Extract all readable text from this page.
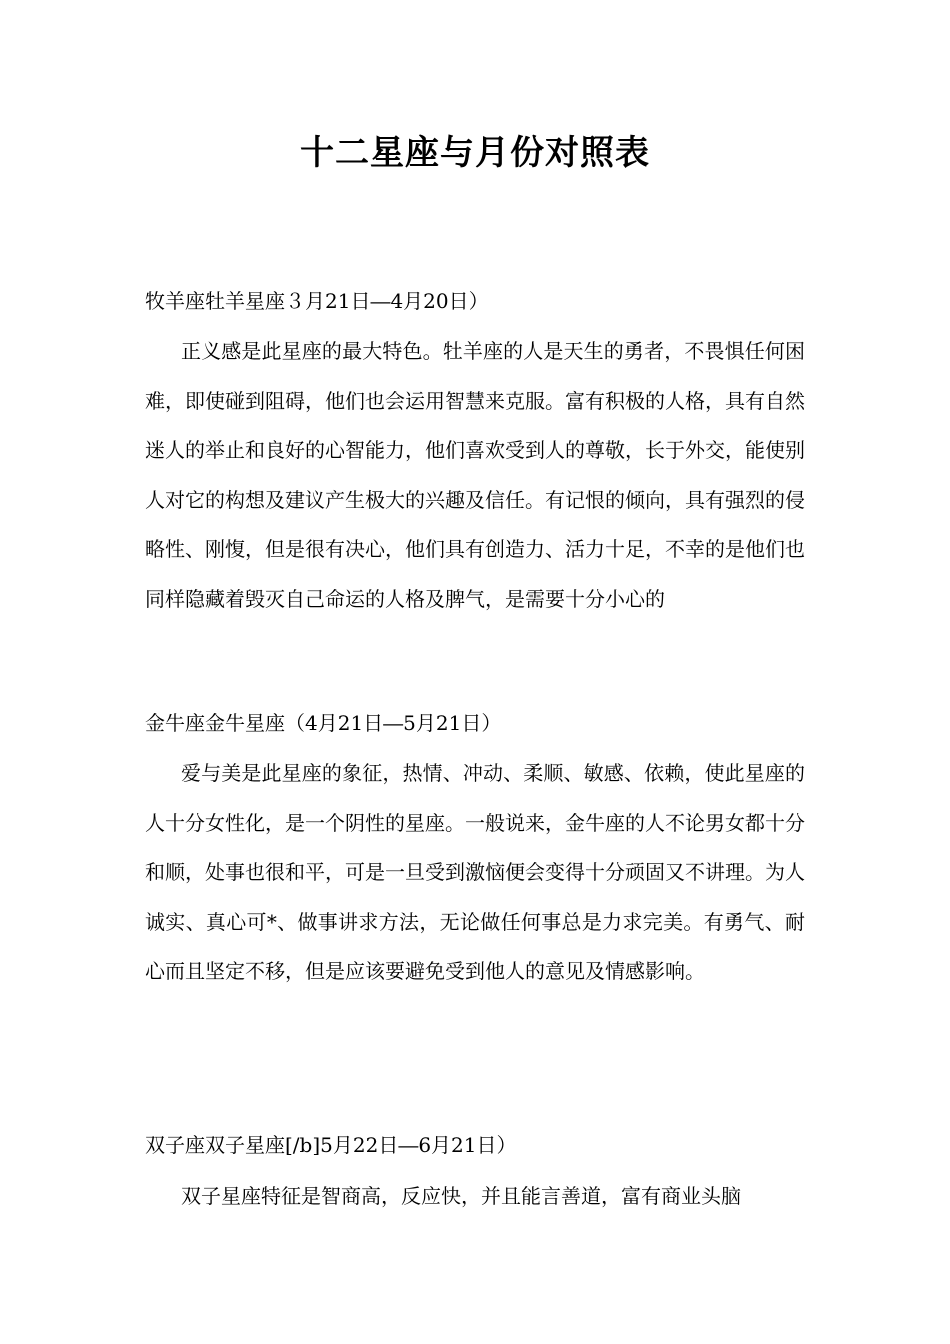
十二星座与月份对照表

牧羊座牡羊星座３月21日―4月20日）

正义感是此星座的最大特色。牡羊座的人是天生的勇者，不畏惧任何困难，即使碰到阻碍，他们也会运用智慧来克服。富有积极的人格，具有自然迷人的举止和良好的心智能力，他们喜欢受到人的尊敬，长于外交，能使别人对它的构想及建议产生极大的兴趣及信任。有记恨的倾向，具有强烈的侵略性、刚愎，但是很有决心，他们具有创造力、活力十足，不幸的是他们也同样隐藏着毁灭自己命运的人格及脾气，是需要十分小心的

金牛座金牛星座（4月21日―5月21日）

爱与美是此星座的象征，热情、冲动、柔顺、敏感、依赖，使此星座的人十分女性化，是一个阴性的星座。一般说来，金牛座的人不论男女都十分和顺，处事也很和平，可是一旦受到激恼便会变得十分顽固又不讲理。为人诚实、真心可*、做事讲求方法，无论做任何事总是力求完美。有勇气、耐心而且坚定不移，但是应该要避免受到他人的意见及情感影响。

双子座双子星座[/b]5月22日―6月21日）

双子星座特征是智商高，反应快，并且能言善道，富有商业头脑
